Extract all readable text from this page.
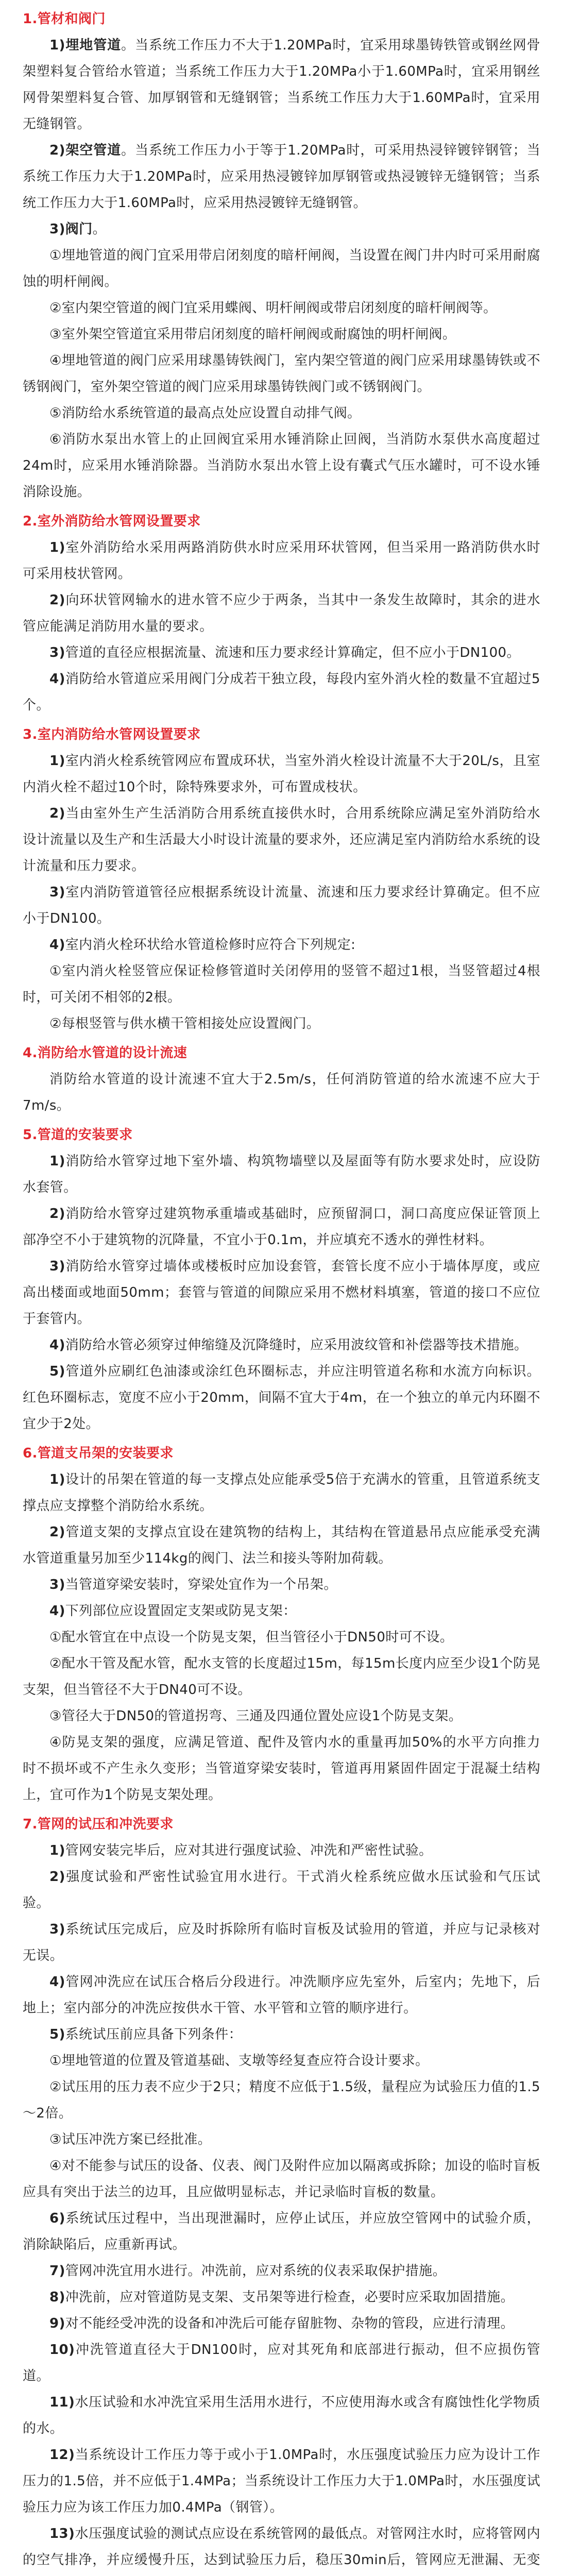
1.管材和阀门
1)埋地管道。当系统工作压力不大于1.20MPa时，宜采用球墨铸铁管或钢丝网骨架塑料复合管给水管道；当系统工作压力大于1.20MPa小于1.60MPa时，宜采用钢丝网骨架塑料复合管、加厚钢管和无缝钢管；当系统工作压力大于1.60MPa时，宜采用无缝钢管。
2)架空管道。当系统工作压力小于等于1.20MPa时，可采用热浸锌镀锌钢管；当系统工作压力大于1.20MPa时，应采用热浸镀锌加厚钢管或热浸镀锌无缝钢管；当系统工作压力大于1.60MPa时，应采用热浸镀锌无缝钢管。
3)阀门。
①埋地管道的阀门宜采用带启闭刻度的暗杆闸阀，当设置在阀门井内时可采用耐腐蚀的明杆闸阀。
②室内架空管道的阀门宜采用蝶阀、明杆闸阀或带启闭刻度的暗杆闸阀等。
③室外架空管道宜采用带启闭刻度的暗杆闸阀或耐腐蚀的明杆闸阀。
④埋地管道的阀门应采用球墨铸铁阀门，室内架空管道的阀门应采用球墨铸铁或不锈钢阀门，室外架空管道的阀门应采用球墨铸铁阀门或不锈钢阀门。
⑤消防给水系统管道的最高点处应设置自动排气阀。
⑥消防水泵出水管上的止回阀宜采用水锤消除止回阀，当消防水泵供水高度超过24m时，应采用水锤消除器。当消防水泵出水管上设有囊式气压水罐时，可不设水锤消除设施。
2.室外消防给水管网设置要求
1)室外消防给水采用两路消防供水时应采用环状管网，但当采用一路消防供水时可采用枝状管网。
2)向环状管网输水的进水管不应少于两条，当其中一条发生故障时，其余的进水管应能满足消防用水量的要求。
3)管道的直径应根据流量、流速和压力要求经计算确定，但不应小于DN100。
4)消防给水管道应采用阀门分成若干独立段，每段内室外消火栓的数量不宜超过5个。
3.室内消防给水管网设置要求
1)室内消火栓系统管网应布置成环状，当室外消火栓设计流量不大于20L/s，且室内消火栓不超过10个时，除特殊要求外，可布置成枝状。
2)当由室外生产生活消防合用系统直接供水时，合用系统除应满足室外消防给水设计流量以及生产和生活最大小时设计流量的要求外，还应满足室内消防给水系统的设计流量和压力要求。
3)室内消防管道管径应根据系统设计流量、流速和压力要求经计算确定。但不应小于DN100。
4)室内消火栓环状给水管道检修时应符合下列规定:
①室内消火栓竖管应保证检修管道时关闭停用的竖管不超过1根，当竖管超过4根时，可关闭不相邻的2根。
②每根竖管与供水横干管相接处应设置阀门。
4.消防给水管道的设计流速
消防给水管道的设计流速不宜大于2.5m/s，任何消防管道的给水流速不应大于7m/s。
5.管道的安装要求
1)消防给水管穿过地下室外墙、构筑物墙壁以及屋面等有防水要求处时，应设防水套管。
2)消防给水管穿过建筑物承重墙或基础时，应预留洞口，洞口高度应保证管顶上部净空不小于建筑物的沉降量，不宜小于0.1m，并应填充不透水的弹性材料。
3)消防给水管穿过墙体或楼板时应加设套管，套管长度不应小于墙体厚度，或应高出楼面或地面50mm；套管与管道的间隙应采用不燃材料填塞，管道的接口不应位于套管内。
4)消防给水管必须穿过伸缩缝及沉降缝时，应采用波纹管和补偿器等技术措施。
5)管道外应刷红色油漆或涂红色环圈标志，并应注明管道名称和水流方向标识。红色环圈标志，宽度不应小于20mm，间隔不宜大于4m，在一个独立的单元内环圈不宜少于2处。
6.管道支吊架的安装要求
1)设计的吊架在管道的每一支撑点处应能承受5倍于充满水的管重，且管道系统支撑点应支撑整个消防给水系统。
2)管道支架的支撑点宜设在建筑物的结构上，其结构在管道悬吊点应能承受充满水管道重量另加至少114kg的阀门、法兰和接头等附加荷载。
3)当管道穿梁安装时，穿梁处宜作为一个吊架。
4)下列部位应设置固定支架或防晃支架：
①配水管宜在中点设一个防晃支架，但当管径小于DN50时可不设。
②配水干管及配水管，配水支管的长度超过15m，每15m长度内应至少设1个防晃支架，但当管径不大于DN40可不设。
③管径大于DN50的管道拐弯、三通及四通位置处应设1个防晃支架。
④防晃支架的强度，应满足管道、配件及管内水的重量再加50%的水平方向推力时不损坏或不产生永久变形；当管道穿梁安装时，管道再用紧固件固定于混凝土结构上，宜可作为1个防晃支架处理。
7.管网的试压和冲洗要求
1)管网安装完毕后，应对其进行强度试验、冲洗和严密性试验。
2)强度试验和严密性试验宜用水进行。干式消火栓系统应做水压试验和气压试验。
3)系统试压完成后，应及时拆除所有临时盲板及试验用的管道，并应与记录核对无误。
4)管网冲洗应在试压合格后分段进行。冲洗顺序应先室外，后室内；先地下，后地上；室内部分的冲洗应按供水干管、水平管和立管的顺序进行。
5)系统试压前应具备下列条件：
①埋地管道的位置及管道基础、支墩等经复查应符合设计要求。
②试压用的压力表不应少于2只；精度不应低于1.5级，量程应为试验压力值的1.5～2倍。
③试压冲洗方案已经批准。
④对不能参与试压的设备、仪表、阀门及附件应加以隔离或拆除；加设的临时盲板应具有突出于法兰的边耳，且应做明显标志，并记录临时盲板的数量。
6)系统试压过程中，当出现泄漏时，应停止试压，并应放空管网中的试验介质，消除缺陷后，应重新再试。
7)管网冲洗宜用水进行。冲洗前，应对系统的仪表采取保护措施。
8)冲洗前，应对管道防晃支架、支吊架等进行检查，必要时应采取加固措施。
9)对不能经受冲洗的设备和冲洗后可能存留脏物、杂物的管段，应进行清理。
10)冲洗管道直径大于DN100时，应对其死角和底部进行振动，但不应损伤管道。
11)水压试验和水冲洗宜采用生活用水进行，不应使用海水或含有腐蚀性化学物质的水。
12)当系统设计工作压力等于或小于1.0MPa时，水压强度试验压力应为设计工作压力的1.5倍，并不应低于1.4MPa；当系统设计工作压力大于1.0MPa时，水压强度试验压力应为该工作压力加0.4MPa（钢管）。
13)水压强度试验的测试点应设在系统管网的最低点。对管网注水时，应将管网内的空气排净，并应缓慢升压，达到试验压力后，稳压30min后，管网应无泄漏、无变
